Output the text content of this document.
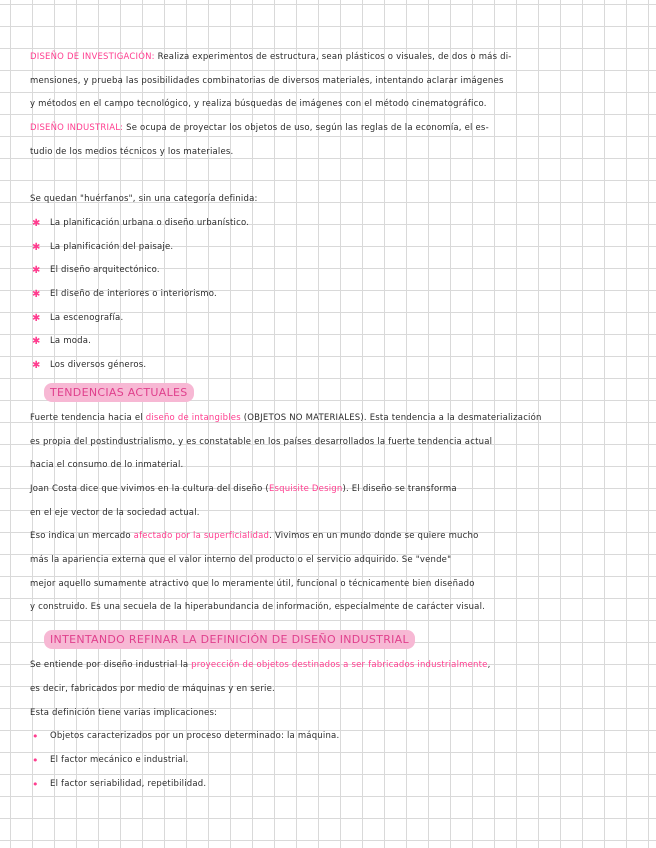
DISEÑO DE INVESTIGACIÓN: Realiza experimentos de estructura, sean plásticos o visuales, de dos o más di-
mensiones, y prueba las posibilidades combinatorias de diversos materiales, intentando aclarar imágenes
y métodos en el campo tecnológico, y realiza búsquedas de imágenes con el método cinematográfico.
DISEÑO INDUSTRIAL: Se ocupa de proyectar los objetos de uso, según las reglas de la economía, el es-
tudio de los medios técnicos y los materiales.
Se quedan "huérfanos", sin una categoría definida:
✱ La planificación urbana o diseño urbanístico.
✱ La planificación del paisaje.
✱ El diseño arquitectónico.
✱ El diseño de interiores o interiorismo.
✱ La escenografía.
✱ La moda.
✱ Los diversos géneros.
TENDENCIAS ACTUALES
Fuerte tendencia hacia el diseño de intangibles (OBJETOS NO MATERIALES). Esta tendencia a la desmaterialización
es propia del postindustrialismo, y es constatable en los países desarrollados la fuerte tendencia actual
hacia el consumo de lo inmaterial.
Joan Costa dice que vivimos en la cultura del diseño (Esquisite Design). El diseño se transforma
en el eje vector de la sociedad actual.
Eso indica un mercado afectado por la superficialidad. Vivimos en un mundo donde se quiere mucho
más la apariencia externa que el valor interno del producto o el servicio adquirido. Se "vende"
mejor aquello sumamente atractivo que lo meramente útil, funcional o técnicamente bien diseñado
y construido. Es una secuela de la hiperabundancia de información, especialmente de carácter visual.
INTENTANDO REFINAR LA DEFINICIÓN DE DISEÑO INDUSTRIAL
Se entiende por diseño industrial la proyección de objetos destinados a ser fabricados industrialmente,
es decir, fabricados por medio de máquinas y en serie.
Esta definición tiene varias implicaciones:
• Objetos caracterizados por un proceso determinado: la máquina.
• El factor mecánico e industrial.
• El factor seriabilidad, repetibilidad.
